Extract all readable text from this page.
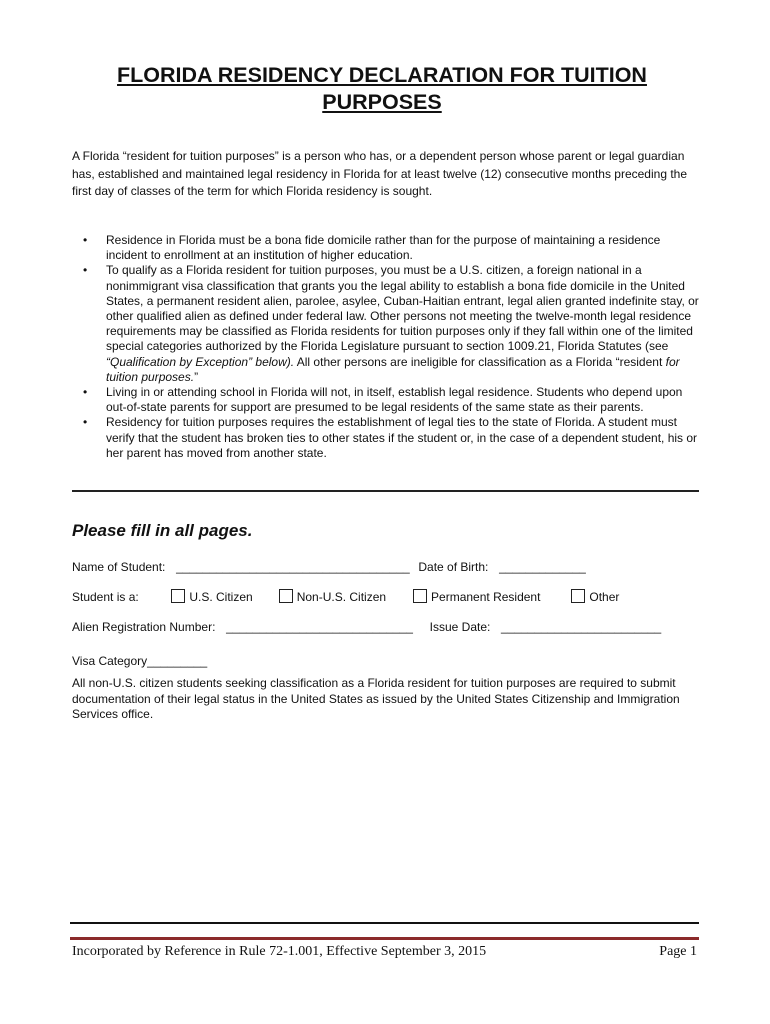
FLORIDA RESIDENCY DECLARATION FOR TUITION PURPOSES
A Florida “resident for tuition purposes” is a person who has, or a dependent person whose parent or legal guardian has, established and maintained legal residency in Florida for at least twelve (12) consecutive months preceding the first day of classes of the term for which Florida residency is sought.
• Residence in Florida must be a bona fide domicile rather than for the purpose of maintaining a residence incident to enrollment at an institution of higher education.
• To qualify as a Florida resident for tuition purposes, you must be a U.S. citizen, a foreign national in a nonimmigrant visa classification that grants you the legal ability to establish a bona fide domicile in the United States, a permanent resident alien, parolee, asylee, Cuban-Haitian entrant, legal alien granted indefinite stay, or other qualified alien as defined under federal law. Other persons not meeting the twelve-month legal residence requirements may be classified as Florida residents for tuition purposes only if they fall within one of the limited special categories authorized by the Florida Legislature pursuant to section 1009.21, Florida Statutes (see “Qualification by Exception” below). All other persons are ineligible for classification as a Florida “resident for tuition purposes.”
• Living in or attending school in Florida will not, in itself, establish legal residence. Students who depend upon out-of-state parents for support are presumed to be legal residents of the same state as their parents.
• Residency for tuition purposes requires the establishment of legal ties to the state of Florida. A student must verify that the student has broken ties to other states if the student or, in the case of a dependent student, his or her parent has moved from another state.
Please fill in all pages.
Name of Student: ___________________________________ Date of Birth: _____________
Student is a:	U.S. Citizen	Non-U.S. Citizen	Permanent Resident	Other
Alien Registration Number: ____________________________ Issue Date: ________________________
Visa Category_________
All non-U.S. citizen students seeking classification as a Florida resident for tuition purposes are required to submit documentation of their legal status in the United States as issued by the United States Citizenship and Immigration Services office.
Incorporated by Reference in Rule 72-1.001, Effective September 3, 2015	Page 1
